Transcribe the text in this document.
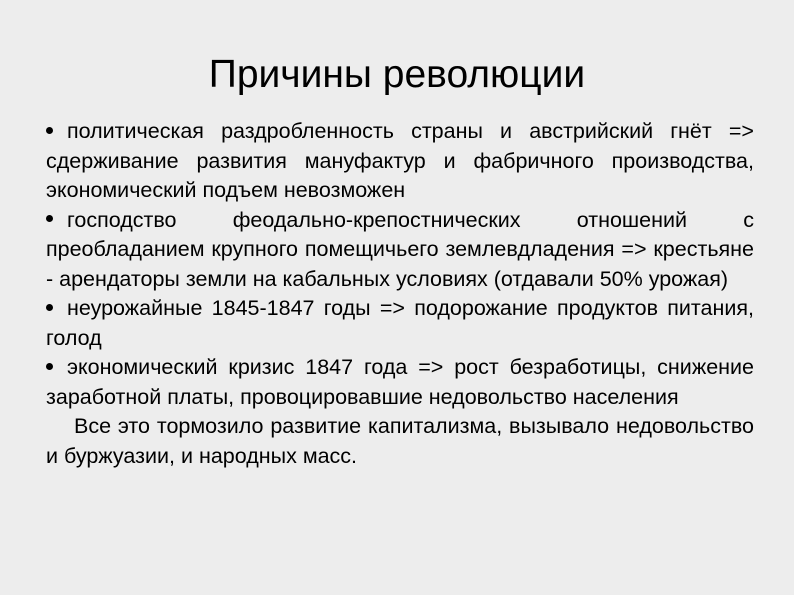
Причины революции

политическая раздробленность страны и австрийский гнёт => сдерживание развития мануфактур и фабричного производства, экономический подъем невозможен

господство феодально-крепостнических отношений с преобладанием крупного помещичьего землевдладения => крестьяне - арендаторы земли на кабальных условиях (отдавали 50% урожая)

неурожайные 1845-1847 годы => подорожание продуктов питания, голод

экономический кризис 1847 года => рост безработицы, снижение заработной платы, провоцировавшие недовольство населения

Все это тормозило развитие капитализма, вызывало недовольство и буржуазии, и народных масс.
